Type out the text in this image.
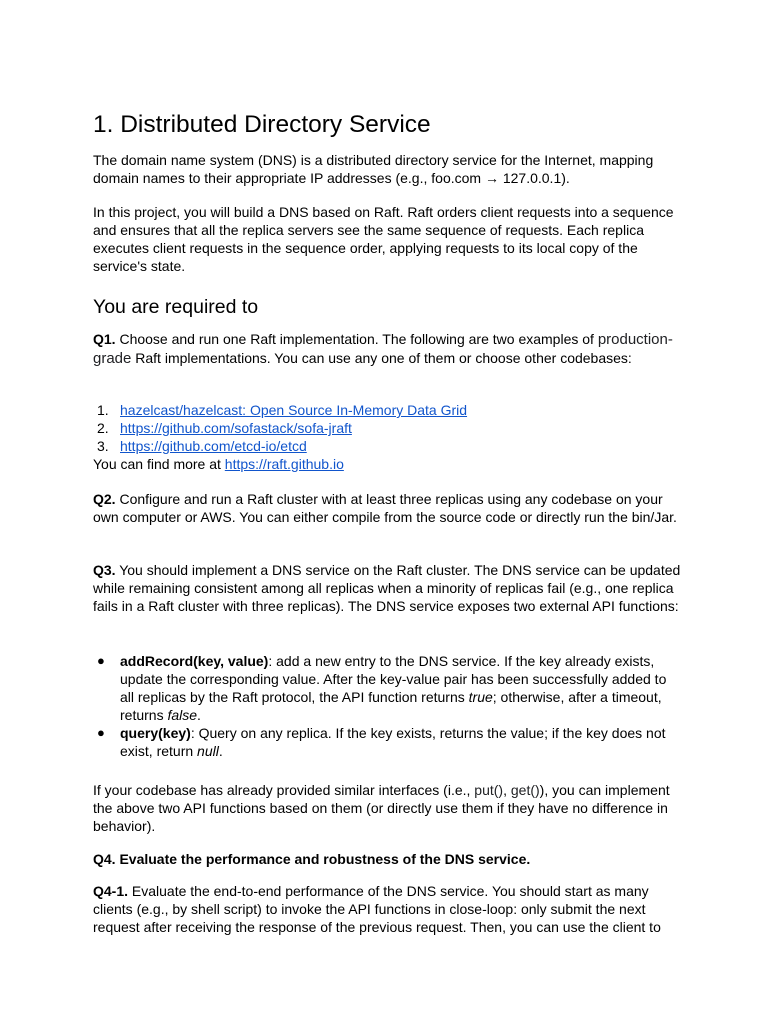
1. Distributed Directory Service

The domain name system (DNS) is a distributed directory service for the Internet, mapping domain names to their appropriate IP addresses (e.g., foo.com → 127.0.0.1).

In this project, you will build a DNS based on Raft. Raft orders client requests into a sequence and ensures that all the replica servers see the same sequence of requests. Each replica executes client requests in the sequence order, applying requests to its local copy of the service's state.

You are required to

Q1. Choose and run one Raft implementation. The following are two examples of production-grade Raft implementations. You can use any one of them or choose other codebases:

1. hazelcast/hazelcast: Open Source In-Memory Data Grid
2. https://github.com/sofastack/sofa-jraft
3. https://github.com/etcd-io/etcd

You can find more at https://raft.github.io

Q2. Configure and run a Raft cluster with at least three replicas using any codebase on your own computer or AWS. You can either compile from the source code or directly run the bin/Jar.

Q3. You should implement a DNS service on the Raft cluster. The DNS service can be updated while remaining consistent among all replicas when a minority of replicas fail (e.g., one replica fails in a Raft cluster with three replicas). The DNS service exposes two external API functions:

● addRecord(key, value): add a new entry to the DNS service. If the key already exists, update the corresponding value. After the key-value pair has been successfully added to all replicas by the Raft protocol, the API function returns true; otherwise, after a timeout, returns false.
● query(key): Query on any replica. If the key exists, returns the value; if the key does not exist, return null.

If your codebase has already provided similar interfaces (i.e., put(), get()), you can implement the above two API functions based on them (or directly use them if they have no difference in behavior).

Q4. Evaluate the performance and robustness of the DNS service.

Q4-1. Evaluate the end-to-end performance of the DNS service. You should start as many clients (e.g., by shell script) to invoke the API functions in close-loop: only submit the next request after receiving the response of the previous request. Then, you can use the client to
